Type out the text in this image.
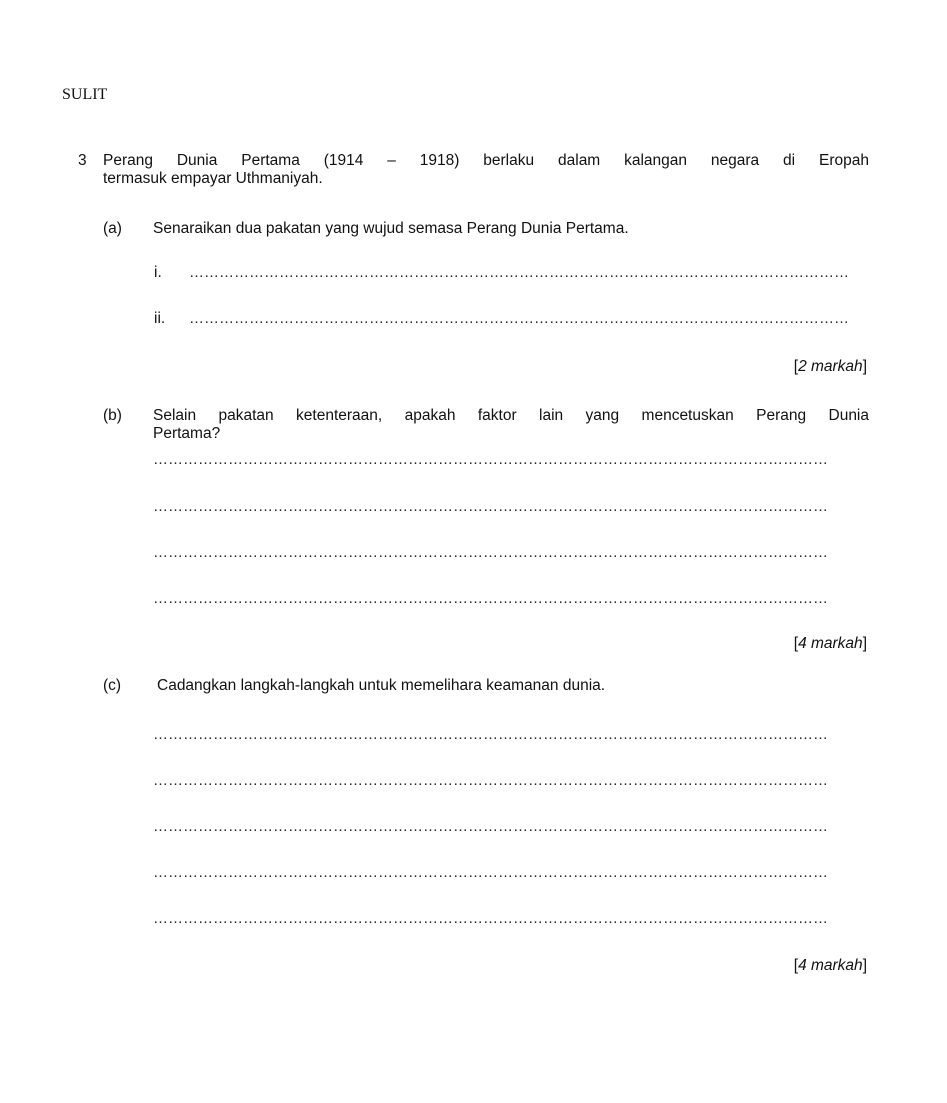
SULIT
3 Perang Dunia Pertama (1914 – 1918) berlaku dalam kalangan negara di Eropah
termasuk empayar Uthmaniyah.
(a) Senaraikan dua pakatan yang wujud semasa Perang Dunia Pertama.
i. ……………………………………………………………………………………………………………………
ii. ……………………………………………………………………………………………………………………
[2 markah]
(b) Selain pakatan ketenteraan, apakah faktor lain yang mencetuskan Perang Dunia
Pertama?
………………………………………………………………………………………………………………………
………………………………………………………………………………………………………………………
………………………………………………………………………………………………………………………
………………………………………………………………………………………………………………………
[4 markah]
(c) Cadangkan langkah-langkah untuk memelihara keamanan dunia.
………………………………………………………………………………………………………………………
………………………………………………………………………………………………………………………
………………………………………………………………………………………………………………………
………………………………………………………………………………………………………………………
………………………………………………………………………………………………………………………
[4 markah]
